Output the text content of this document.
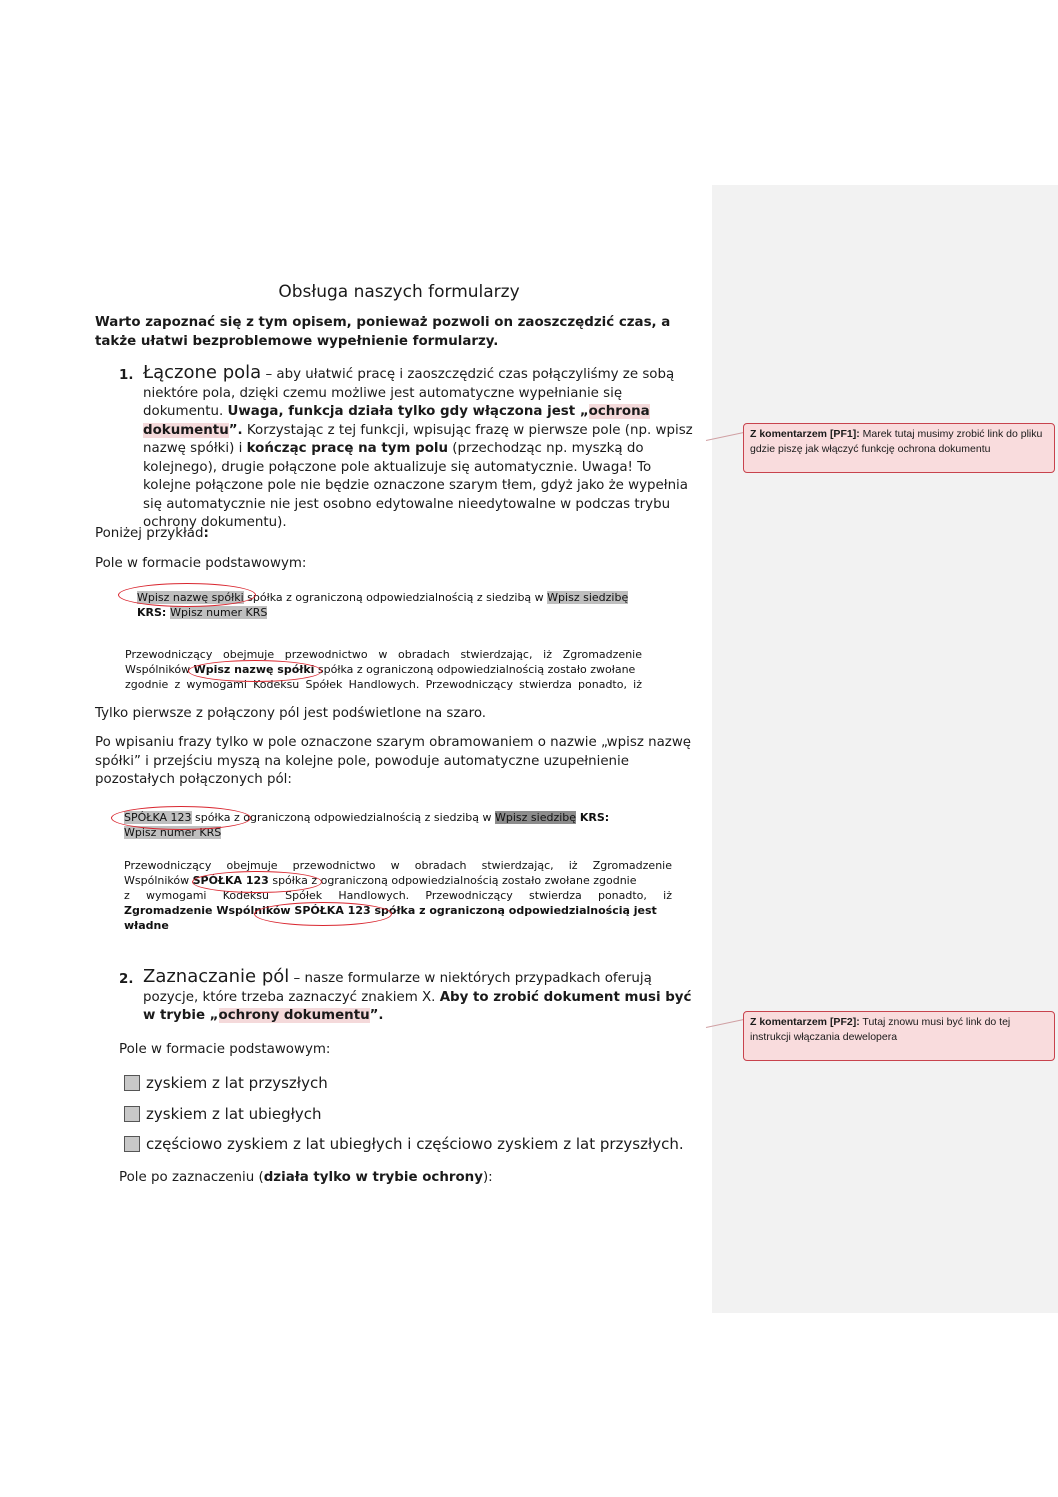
Z komentarzem [PF1]: Marek tutaj musimy zrobić link do pliku gdzie piszę jak włączyć funkcję ochrona dokumentu
Z komentarzem [PF2]: Tutaj znowu musi być link do tej instrukcji włączania dewelopera
Obsługa naszych formularzy
Warto zapoznać się z tym opisem, ponieważ pozwoli on zaoszczędzić czas, a także ułatwi bezproblemowe wypełnienie formularzy.
1. Łączone pola – aby ułatwić pracę i zaoszczędzić czas połączyliśmy ze sobą niektóre pola, dzięki czemu możliwe jest automatyczne wypełnianie się dokumentu. Uwaga, funkcja działa tylko gdy włączona jest „ochrona dokumentu”. Korzystając z tej funkcji, wpisując frazę w pierwsze pole (np. wpisz nazwę spółki) i kończąc pracę na tym polu (przechodząc np. myszką do kolejnego), drugie połączone pole aktualizuje się automatycznie. Uwaga! To kolejne połączone pole nie będzie oznaczone szarym tłem, gdyż jako że wypełnia się automatycznie nie jest osobno edytowalne nieedytowalne w podczas trybu ochrony dokumentu).
Poniżej przykład:
Pole w formacie podstawowym:
Wpisz nazwę spółki spółka z ograniczoną odpowiedzialnością z siedzibą w Wpisz siedzibę
KRS: Wpisz numer KRS
Przewodniczący obejmuje przewodnictwo w obradach stwierdzając, iż Zgromadzenie
Wspólników Wpisz nazwę spółki spółka z ograniczoną odpowiedzialnością zostało zwołane
zgodnie z wymogami Kodeksu Spółek Handlowych. Przewodniczący stwierdza ponadto, iż
Tylko pierwsze z połączony pól jest podświetlone na szaro.
Po wpisaniu frazy tylko w pole oznaczone szarym obramowaniem o nazwie „wpisz nazwę spółki” i przejściu myszą na kolejne pole, powoduje automatyczne uzupełnienie pozostałych połączonych pól:
SPÓŁKA 123 spółka z ograniczoną odpowiedzialnością z siedzibą w Wpisz siedzibę KRS:
Wpisz numer KRS
Przewodniczący obejmuje przewodnictwo w obradach stwierdzając, iż Zgromadzenie
Wspólników SPÓŁKA 123 spółka z ograniczoną odpowiedzialnością zostało zwołane zgodnie
z wymogami Kodeksu Spółek Handlowych. Przewodniczący stwierdza ponadto, iż
Zgromadzenie Wspólników SPÓŁKA 123 spółka z ograniczoną odpowiedzialnością jest władne
2. Zaznaczanie pól – nasze formularze w niektórych przypadkach oferują pozycje, które trzeba zaznaczyć znakiem X. Aby to zrobić dokument musi być w trybie „ochrony dokumentu”.
Pole w formacie podstawowym:
zyskiem z lat przyszłych
zyskiem z lat ubiegłych
częściowo zyskiem z lat ubiegłych i częściowo zyskiem z lat przyszłych.
Pole po zaznaczeniu (działa tylko w trybie ochrony):
